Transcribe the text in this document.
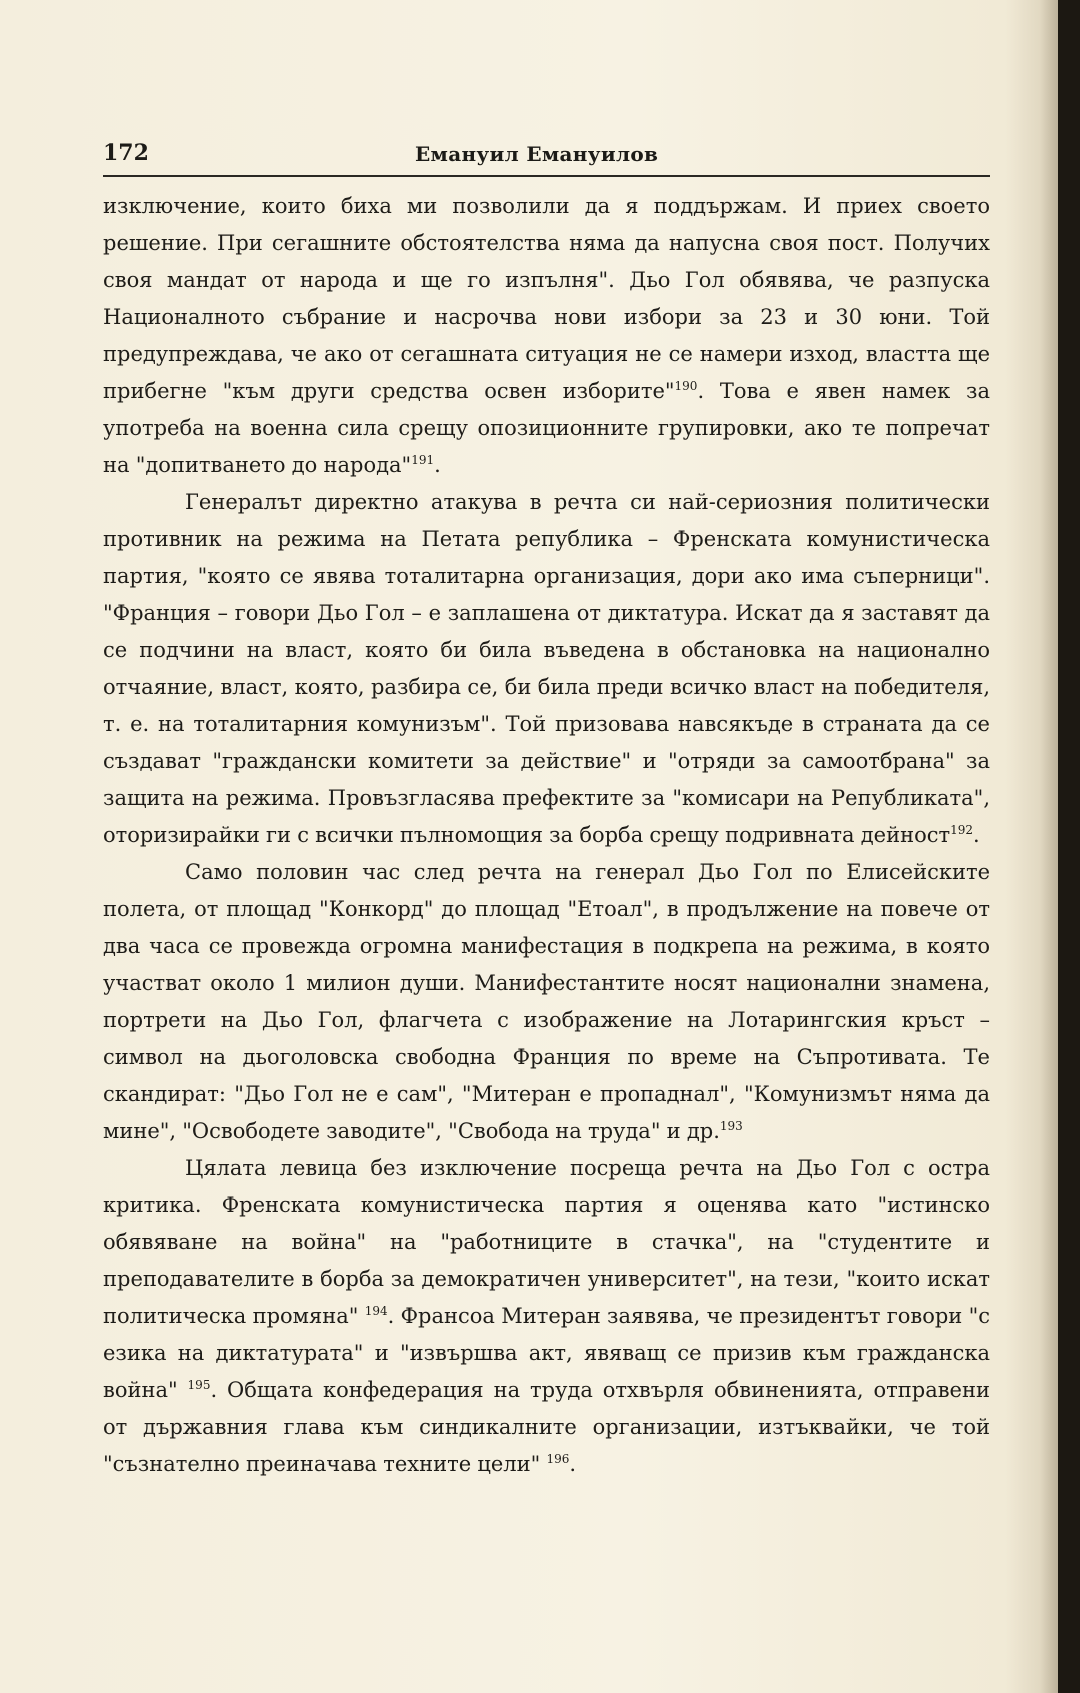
172	Емануил Емануилов

изключение, които биха ми позволили да я поддържам. И приех своето решение. При сегашните обстоятелства няма да напусна своя пост. Получих своя мандат от народа и ще го изпълня". Дьо Гол обявява, че разпуска Националното събрание и насрочва нови избори за 23 и 30 юни. Той предупреждава, че ако от сегашната ситуация не се намери изход, властта ще прибегне "към други средства освен изборите"$^{190}$. Това е явен намек за употреба на военна сила срещу опозиционните групировки, ако те попречат на "допитването до народа"$^{191}$.

Генералът директно атакува в речта си най-сериозния политически противник на режима на Петата република – Френската комунистическа партия, "която се явява тоталитарна организация, дори ако има съперници". "Франция – говори Дьо Гол – е заплашена от диктатура. Искат да я заставят да се подчини на власт, която би била въведена в обстановка на национално отчаяние, власт, която, разбира се, би била преди всичко власт на победителя, т. е. на тоталитарния комунизъм". Той призовава навсякъде в страната да се създават "граждански комитети за действие" и "отряди за самоотбрана" за защита на режима. Провъзгласява префектите за "комисари на Републиката", оторизирайки ги с всички пълномощия за борба срещу подривната дейност$^{192}$.

Само половин час след речта на генерал Дьо Гол по Елисейските полета, от площад "Конкорд" до площад "Етоал", в продължение на повече от два часа се провежда огромна манифестация в подкрепа на режима, в която участват около 1 милион души. Манифестантите носят национални знамена, портрети на Дьо Гол, флагчета с изображение на Лотарингския кръст – символ на дьоголовска свободна Франция по време на Съпротивата. Те скандират: "Дьо Гол не е сам", "Митеран е пропаднал", "Комунизмът няма да мине", "Освободете заводите", "Свобода на труда" и др.$^{193}$

Цялата левица без изключение посреща речта на Дьо Гол с остра критика. Френската комунистическа партия я оценява като "истинско обявяване на война" на "работниците в стачка", на "студентите и преподавателите в борба за демократичен университет", на тези, "които искат политическа промяна" $^{194}$. Франсоа Митеран заявява, че президентът говори "с езика на диктатурата" и "извършва акт, явяващ се призив към гражданска война" $^{195}$. Общата конфедерация на труда отхвърля обвиненията, отправени от държавния глава към синдикалните организации, изтъквайки, че той "съзнателно преиначава техните цели" $^{196}$.
